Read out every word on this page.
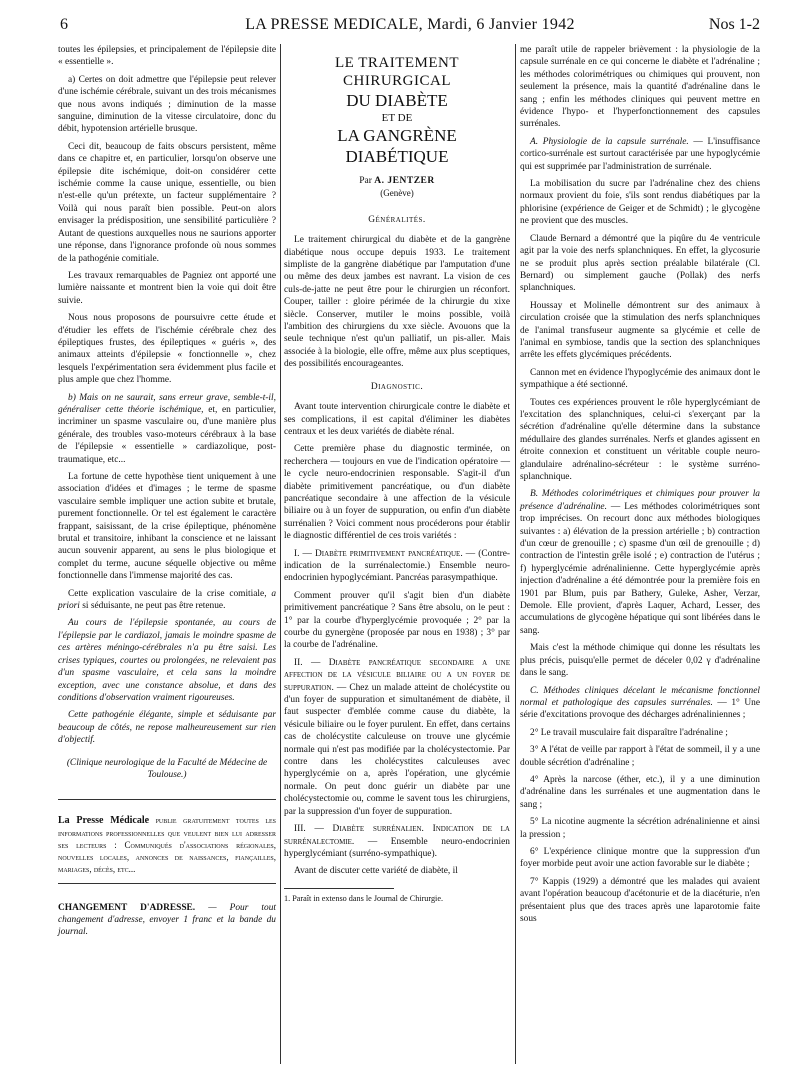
6	LA PRESSE MEDICALE, Mardi, 6 Janvier 1942	Nos 1-2

toutes les épilepsies, et principalement de l'épilepsie dite « essentielle ».

a) Certes on doit admettre que l'épilepsie peut relever d'une ischémie cérébrale, suivant un des trois mécanismes que nous avons indiqués ; diminution de la masse sanguine, diminution de la vitesse circulatoire, donc du débit, hypotension artérielle brusque.

Ceci dit, beaucoup de faits obscurs persistent, même dans ce chapitre et, en particulier, lorsqu'on observe une épilepsie dite ischémique, doit-on considérer cette ischémie comme la cause unique, essentielle, ou bien n'est-elle qu'un prétexte, un facteur supplémentaire ? Voilà qui nous paraît bien possible. Peut-on alors envisager la prédisposition, une sensibilité particulière ? Autant de questions auxquelles nous ne saurions apporter une réponse, dans l'ignorance profonde où nous sommes de la pathogénie comitiale.

Les travaux remarquables de Pagniez ont apporté une lumière naissante et montrent bien la voie qui doit être suivie.

Nous nous proposons de poursuivre cette étude et d'étudier les effets de l'ischémie cérébrale chez des épileptiques frustes, des épileptiques « guéris », des animaux atteints d'épilepsie « fonctionnelle », chez lesquels l'expérimentation sera évidemment plus facile et plus ample que chez l'homme.

b) Mais on ne saurait, sans erreur grave, semble-t-il, généraliser cette théorie ischémique, et, en particulier, incriminer un spasme vasculaire ou, d'une manière plus générale, des troubles vaso-moteurs cérébraux à la base de l'épilepsie « essentielle » cardiazolique, post-traumatique, etc...

La fortune de cette hypothèse tient uniquement à une association d'idées et d'images ; le terme de spasme vasculaire semble impliquer une action subite et brutale, purement fonctionnelle. Or tel est également le caractère frappant, saisissant, de la crise épileptique, phénomène brutal et transitoire, inhibant la conscience et ne laissant aucun souvenir apparent, au sens le plus biologique et complet du terme, aucune séquelle objective ou même fonctionnelle dans l'immense majorité des cas.

Cette explication vasculaire de la crise comitiale, a priori si séduisante, ne peut pas être retenue.

Au cours de l'épilepsie spontanée, au cours de l'épilepsie par le cardiazol, jamais le moindre spasme de ces artères méningo-cérébrales n'a pu être saisi. Les crises typiques, courtes ou prolongées, ne relevaient pas d'un spasme vasculaire, et cela sans la moindre exception, avec une constance absolue, et dans des conditions d'observation vraiment rigoureuses.

Cette pathogénie élégante, simple et séduisante par beaucoup de côtés, ne repose malheureusement sur rien d'objectif.

(Clinique neurologique de la Faculté de Médecine de Toulouse.)
La Presse Médicale publie gratuitement toutes les informations professionnelles que veulent bien lui adresser ses lecteurs : Communiqués d'associations régionales, nouvelles locales, annonces de naissances, fiançailles, mariages, décès, etc...
CHANGEMENT D'ADRESSE. — Pour tout changement d'adresse, envoyer 1 franc et la bande du journal.
LE TRAITEMENT CHIRURGICAL
DU DIABÈTE
ET DE
LA GANGRÈNE DIABÉTIQUE
Par A. JENTZER
(Genève)
Généralités.

Le traitement chirurgical du diabète et de la gangrène diabétique nous occupe depuis 1933. Le traitement simpliste de la gangrène diabétique par l'amputation d'une ou même des deux jambes est navrant. La vision de ces culs-de-jatte ne peut être pour le chirurgien un réconfort. Couper, tailler : gloire périmée de la chirurgie du xixe siècle. Conserver, mutiler le moins possible, voilà l'ambition des chirurgiens du xxe siècle. Avouons que la seule technique n'est qu'un palliatif, un pis-aller. Mais associée à la biologie, elle offre, même aux plus sceptiques, des possibilités encourageantes.

Diagnostic.

Avant toute intervention chirurgicale contre le diabète et ses complications, il est capital d'éliminer les diabètes centraux et les deux variétés de diabète rénal.

Cette première phase du diagnostic terminée, on recherchera — toujours en vue de l'indication opératoire — le cycle neuro-endocrinien responsable. S'agit-il d'un diabète primitivement pancréatique, ou d'un diabète pancréatique secondaire à une affection de la vésicule biliaire ou à un foyer de suppuration, ou enfin d'un diabète surrénalien ? Voici comment nous procéderons pour établir le diagnostic différentiel de ces trois variétés :

I. — Diabète primitivement pancréatique. — (Contre-indication de la surrénalectomie.) Ensemble neuro-endocrinien hypoglycémiant. Pancréas parasympathique.

Comment prouver qu'il s'agit bien d'un diabète primitivement pancréatique ? Sans être absolu, on le peut : 1° par la courbe d'hyperglycémie provoquée ; 2° par la courbe du gynergène (proposée par nous en 1938) ; 3° par la courbe de l'adrénaline.

II. — Diabète pancréatique secondaire a une affection de la vésicule biliaire ou a un foyer de suppuration. — Chez un malade atteint de cholécystite ou d'un foyer de suppuration et simultanément de diabète, il faut suspecter d'emblée comme cause du diabète, la vésicule biliaire ou le foyer purulent. En effet, dans certains cas de cholécystite calculeuse on trouve une glycémie normale qui n'est pas modifiée par la cholécystectomie. Par contre dans les cholécystites calculeuses avec hyperglycémie on a, après l'opération, une glycémie normale. On peut donc guérir un diabète par une cholécystectomie ou, comme le savent tous les chirurgiens, par la suppression d'un foyer de suppuration.

III. — Diabète surrénalien. Indication de la surrénalectomie. — Ensemble neuro-endocrinien hyperglycémiant (surréno-sympathique).

Avant de discuter cette variété de diabète, il

1. Paraît in extenso dans le Journal de Chirurgie.

me paraît utile de rappeler brièvement : la physiologie de la capsule surrénale en ce qui concerne le diabète et l'adrénaline ; les méthodes colorimétriques ou chimiques qui prouvent, non seulement la présence, mais la quantité d'adrénaline dans le sang ; enfin les méthodes cliniques qui peuvent mettre en évidence l'hypo- et l'hyperfonctionnement des capsules surrénales.

A. Physiologie de la capsule surrénale. — L'insuffisance cortico-surrénale est surtout caractérisée par une hypoglycémie qui est supprimée par l'administration de surrénale.

La mobilisation du sucre par l'adrénaline chez des chiens normaux provient du foie, s'ils sont rendus diabétiques par la phlorisine (expérience de Geiger et de Schmidt) ; le glycogène ne provient que des muscles.

Claude Bernard a démontré que la piqûre du 4e ventricule agit par la voie des nerfs splanchniques. En effet, la glycosurie ne se produit plus après section préalable bilatérale (Cl. Bernard) ou simplement gauche (Pollak) des nerfs splanchniques.

Houssay et Molinelle démontrent sur des animaux à circulation croisée que la stimulation des nerfs splanchniques de l'animal transfuseur augmente sa glycémie et celle de l'animal en symbiose, tandis que la section des splanchniques arrête les effets glycémiques précédents.

Cannon met en évidence l'hypoglycémie des animaux dont le sympathique a été sectionné.

Toutes ces expériences prouvent le rôle hyperglycémiant de l'excitation des splanchniques, celui-ci s'exerçant par la sécrétion d'adrénaline qu'elle détermine dans la substance médullaire des glandes surrénales. Nerfs et glandes agissent en étroite connexion et constituent un véritable couple neuro-glandulaire adrénalino-sécréteur : le système surréno-splanchnique.

B. Méthodes colorimétriques et chimiques pour prouver la présence d'adrénaline. — Les méthodes colorimétriques sont trop imprécises. On recourt donc aux méthodes biologiques suivantes : a) élévation de la pression artérielle ; b) contraction d'un cœur de grenouille ; c) spasme d'un œil de grenouille ; d) contraction de l'intestin grêle isolé ; e) contraction de l'utérus ; f) hyperglycémie adrénalinienne. Cette hyperglycémie après injection d'adrénaline a été démontrée pour la première fois en 1901 par Blum, puis par Bathery, Guleke, Asher, Verzar, Demole. Elle provient, d'après Laquer, Achard, Lesser, des accumulations de glycogène hépatique qui sont libérées dans le sang.

Mais c'est la méthode chimique qui donne les résultats les plus précis, puisqu'elle permet de déceler 0,02 γ d'adrénaline dans le sang.

C. Méthodes cliniques décelant le mécanisme fonctionnel normal et pathologique des capsules surrénales. — 1° Une série d'excitations provoque des décharges adrénaliniennes ;

2° Le travail musculaire fait disparaître l'adrénaline ;

3° A l'état de veille par rapport à l'état de sommeil, il y a une double sécrétion d'adrénaline ;

4° Après la narcose (éther, etc.), il y a une diminution d'adrénaline dans les surrénales et une augmentation dans le sang ;

5° La nicotine augmente la sécrétion adrénalinienne et ainsi la pression ;

6° L'expérience clinique montre que la suppression d'un foyer morbide peut avoir une action favorable sur le diabète ;

7° Kappis (1929) a démontré que les malades qui avaient avant l'opération beaucoup d'acétonurie et de la diacéturie, n'en présentaient plus que des traces après une laparotomie faite sous
